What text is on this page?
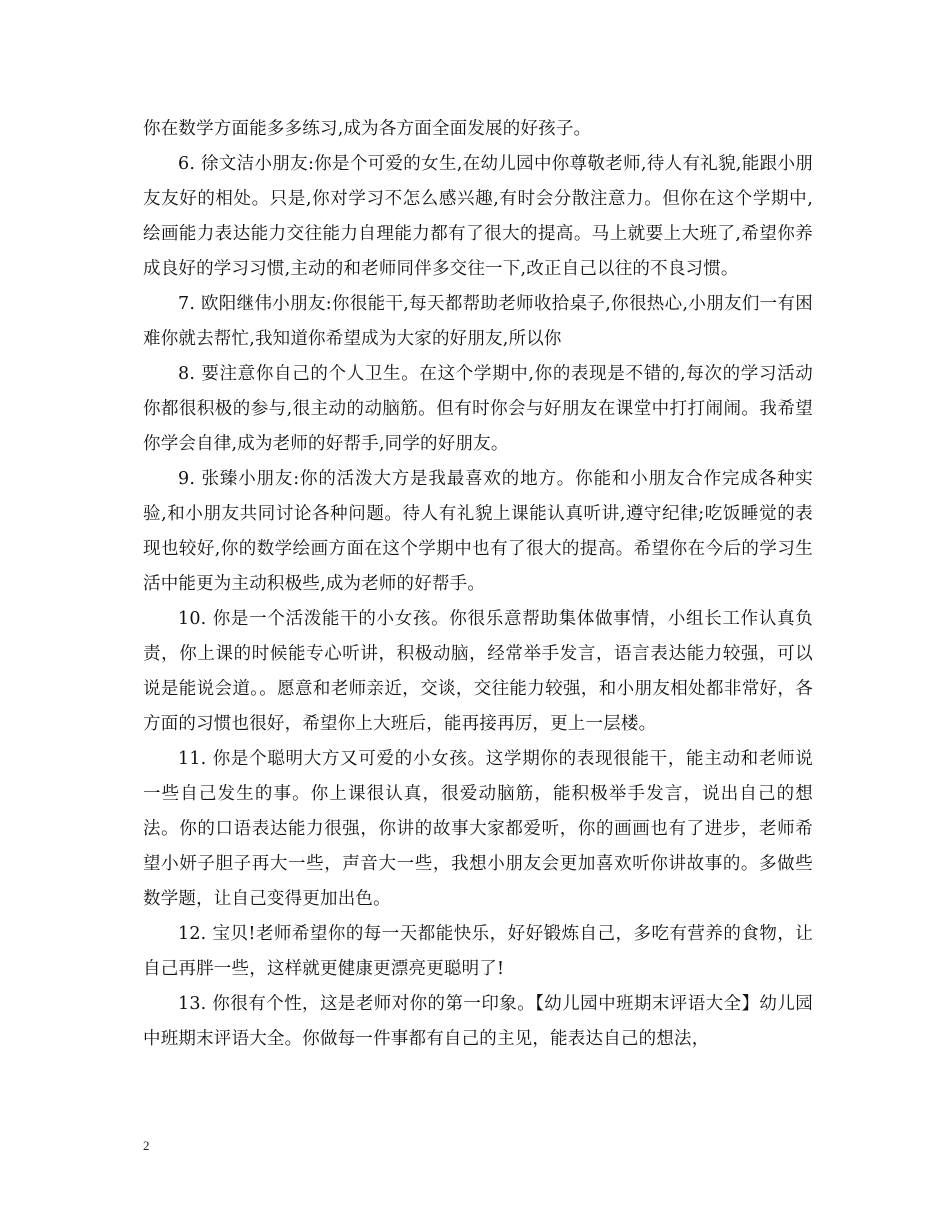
你在数学方面能多多练习,成为各方面全面发展的好孩子。

6. 徐文洁小朋友:你是个可爱的女生,在幼儿园中你尊敬老师,待人有礼貌,能跟小朋友友好的相处。只是,你对学习不怎么感兴趣,有时会分散注意力。但你在这个学期中,绘画能力表达能力交往能力自理能力都有了很大的提高。马上就要上大班了,希望你养成良好的学习习惯,主动的和老师同伴多交往一下,改正自己以往的不良习惯。

7. 欧阳继伟小朋友:你很能干,每天都帮助老师收拾桌子,你很热心,小朋友们一有困难你就去帮忙,我知道你希望成为大家的好朋友,所以你

8. 要注意你自己的个人卫生。在这个学期中,你的表现是不错的,每次的学习活动你都很积极的参与,很主动的动脑筋。但有时你会与好朋友在课堂中打打闹闹。我希望你学会自律,成为老师的好帮手,同学的好朋友。

9. 张臻小朋友:你的活泼大方是我最喜欢的地方。你能和小朋友合作完成各种实验,和小朋友共同讨论各种问题。待人有礼貌上课能认真听讲,遵守纪律;吃饭睡觉的表现也较好,你的数学绘画方面在这个学期中也有了很大的提高。希望你在今后的学习生活中能更为主动积极些,成为老师的好帮手。

10. 你是一个活泼能干的小女孩。你很乐意帮助集体做事情，小组长工作认真负责，你上课的时候能专心听讲，积极动脑，经常举手发言，语言表达能力较强，可以说是能说会道。。愿意和老师亲近，交谈，交往能力较强，和小朋友相处都非常好，各方面的习惯也很好，希望你上大班后，能再接再厉，更上一层楼。

11. 你是个聪明大方又可爱的小女孩。这学期你的表现很能干，能主动和老师说一些自己发生的事。你上课很认真，很爱动脑筋，能积极举手发言，说出自己的想法。你的口语表达能力很强，你讲的故事大家都爱听，你的画画也有了进步，老师希望小妍子胆子再大一些，声音大一些，我想小朋友会更加喜欢听你讲故事的。多做些数学题，让自己变得更加出色。

12. 宝贝!老师希望你的每一天都能快乐，好好锻炼自己，多吃有营养的食物，让自己再胖一些，这样就更健康更漂亮更聪明了!

13. 你很有个性，这是老师对你的第一印象。【幼儿园中班期末评语大全】幼儿园中班期末评语大全。你做每一件事都有自己的主见，能表达自己的想法，

2
